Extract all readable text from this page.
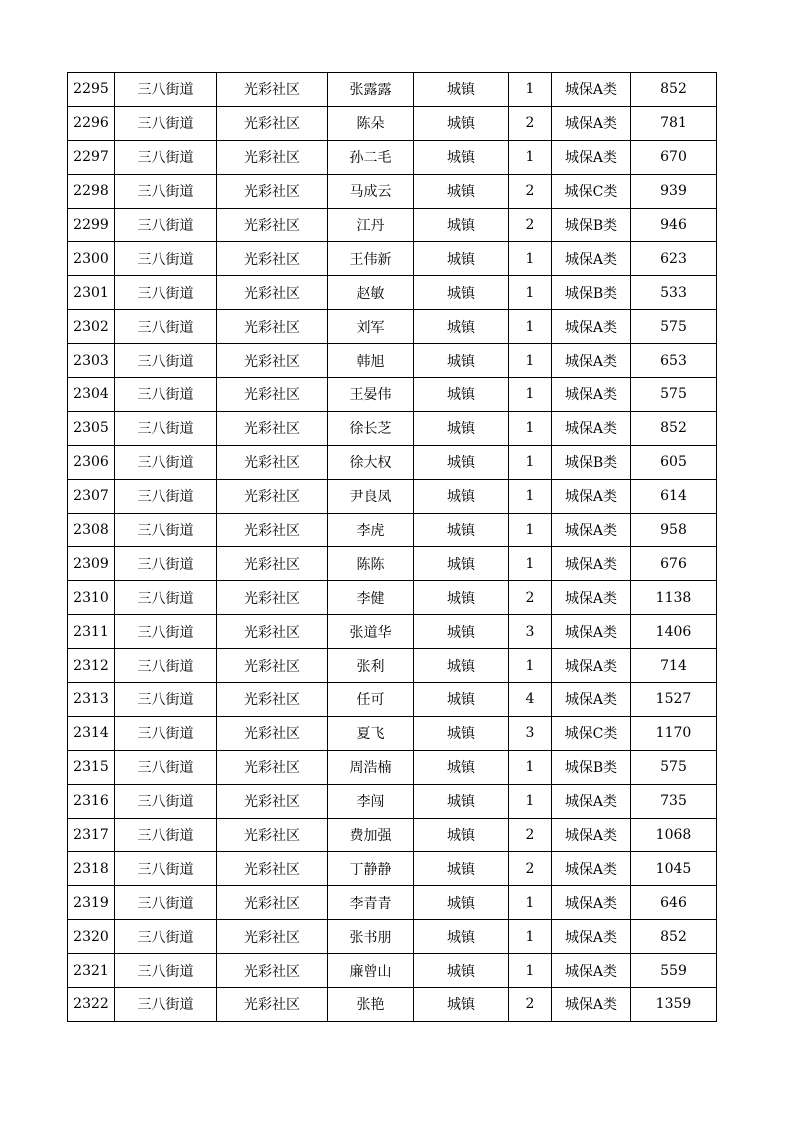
2295	三八街道	光彩社区	张露露	城镇	1	城保A类	852
2296	三八街道	光彩社区	陈朵	城镇	2	城保A类	781
2297	三八街道	光彩社区	孙二毛	城镇	1	城保A类	670
2298	三八街道	光彩社区	马成云	城镇	2	城保C类	939
2299	三八街道	光彩社区	江丹	城镇	2	城保B类	946
2300	三八街道	光彩社区	王伟新	城镇	1	城保A类	623
2301	三八街道	光彩社区	赵敏	城镇	1	城保B类	533
2302	三八街道	光彩社区	刘军	城镇	1	城保A类	575
2303	三八街道	光彩社区	韩旭	城镇	1	城保A类	653
2304	三八街道	光彩社区	王晏伟	城镇	1	城保A类	575
2305	三八街道	光彩社区	徐长芝	城镇	1	城保A类	852
2306	三八街道	光彩社区	徐大权	城镇	1	城保B类	605
2307	三八街道	光彩社区	尹良凤	城镇	1	城保A类	614
2308	三八街道	光彩社区	李虎	城镇	1	城保A类	958
2309	三八街道	光彩社区	陈陈	城镇	1	城保A类	676
2310	三八街道	光彩社区	李健	城镇	2	城保A类	1138
2311	三八街道	光彩社区	张道华	城镇	3	城保A类	1406
2312	三八街道	光彩社区	张利	城镇	1	城保A类	714
2313	三八街道	光彩社区	任可	城镇	4	城保A类	1527
2314	三八街道	光彩社区	夏飞	城镇	3	城保C类	1170
2315	三八街道	光彩社区	周浩楠	城镇	1	城保B类	575
2316	三八街道	光彩社区	李闯	城镇	1	城保A类	735
2317	三八街道	光彩社区	费加强	城镇	2	城保A类	1068
2318	三八街道	光彩社区	丁静静	城镇	2	城保A类	1045
2319	三八街道	光彩社区	李青青	城镇	1	城保A类	646
2320	三八街道	光彩社区	张书朋	城镇	1	城保A类	852
2321	三八街道	光彩社区	廉曾山	城镇	1	城保A类	559
2322	三八街道	光彩社区	张艳	城镇	2	城保A类	1359
